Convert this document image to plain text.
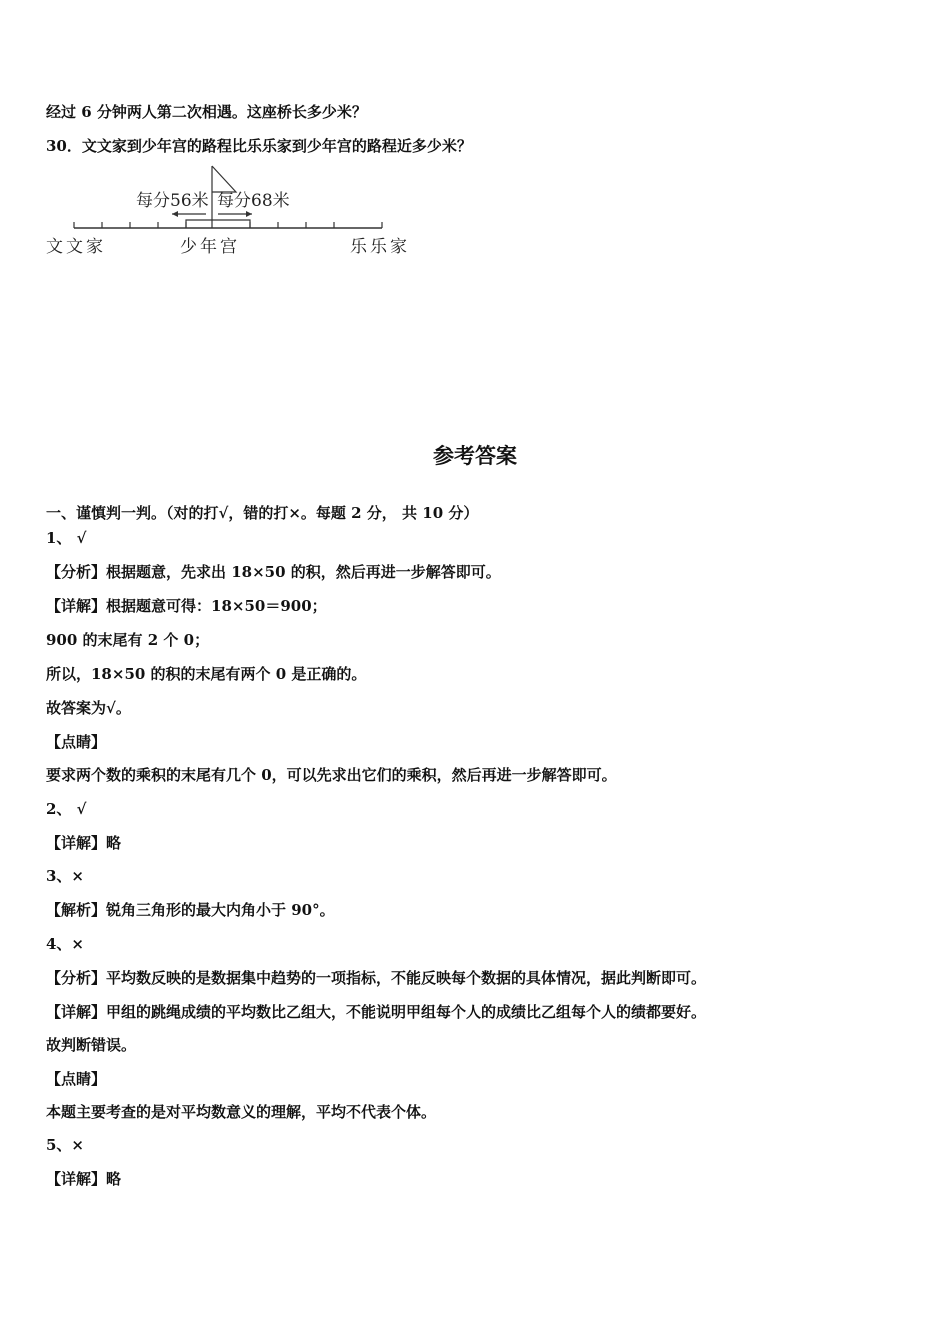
经过 6 分钟两人第二次相遇。这座桥长多少米？
30．文文家到少年宫的路程比乐乐家到少年宫的路程近多少米？
每分56米 每分68米
文文家	少年宫	乐乐家
参考答案
一、谨慎判一判。（对的打√，错的打×。每题 2 分， 共 10 分）
1、 √
【分析】根据题意，先求出 18×50 的积，然后再进一步解答即可。
【详解】根据题意可得：18×50＝900；
900 的末尾有 2 个 0；
所以，18×50 的积的末尾有两个 0 是正确的。
故答案为√。
【点睛】
要求两个数的乘积的末尾有几个 0，可以先求出它们的乘积，然后再进一步解答即可。
2、 √
【详解】略
3、×
【解析】锐角三角形的最大内角小于 90°。
4、×
【分析】平均数反映的是数据集中趋势的一项指标，不能反映每个数据的具体情况，据此判断即可。
【详解】甲组的跳绳成绩的平均数比乙组大，不能说明甲组每个人的成绩比乙组每个人的绩都要好。
故判断错误。
【点睛】
本题主要考查的是对平均数意义的理解，平均不代表个体。
5、×
【详解】略
